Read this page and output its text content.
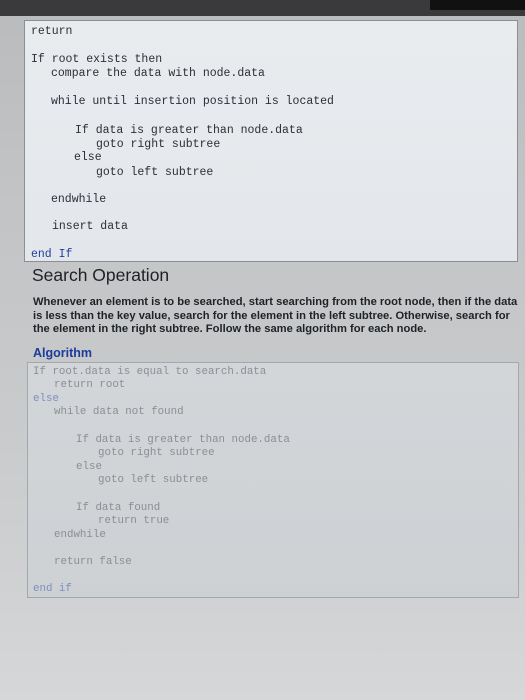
return
If root exists then
compare the data with node.data
while until insertion position is located
If data is greater than node.data
goto right subtree
else
goto left subtree
endwhile
insert data
end If
Search Operation
Whenever an element is to be searched, start searching from the root node, then if the data is less than the key value, search for the element in the left subtree. Otherwise, search for the element in the right subtree. Follow the same algorithm for each node.
Algorithm
If root.data is equal to search.data
return root
else
while data not found
If data is greater than node.data
goto right subtree
else
goto left subtree
If data found
return true
endwhile
return false
end if
